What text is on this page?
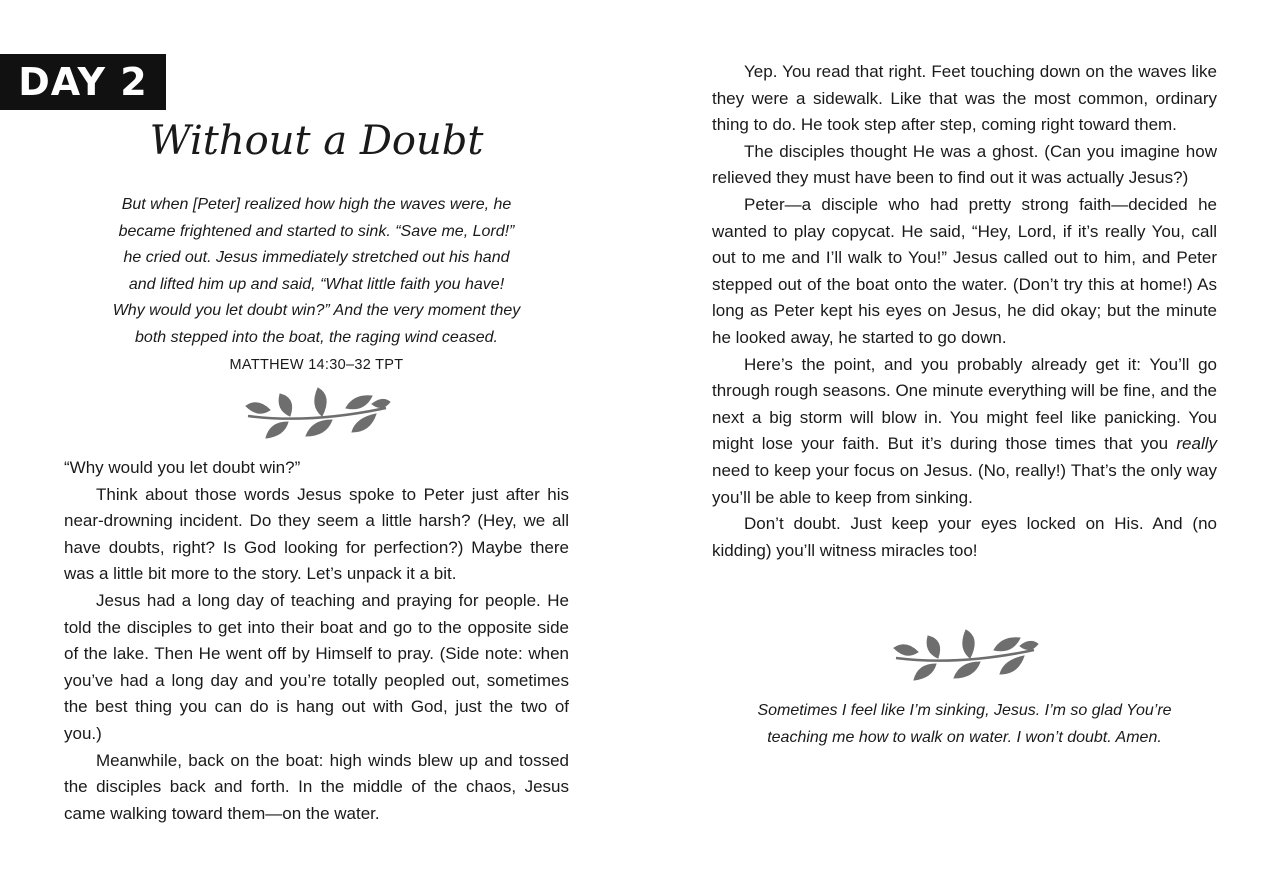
DAY 2
Without a Doubt
But when [Peter] realized how high the waves were, he
became frightened and started to sink. “Save me, Lord!”
he cried out. Jesus immediately stretched out his hand
and lifted him up and said, “What little faith you have!
Why would you let doubt win?” And the very moment they
both stepped into the boat, the raging wind ceased.
MATTHEW 14:30–32 TPT

“Why would you let doubt win?”

Think about those words Jesus spoke to Peter just after his near-drowning incident. Do they seem a little harsh? (Hey, we all have doubts, right? Is God looking for perfection?) Maybe there was a little bit more to the story. Let’s unpack it a bit.

Jesus had a long day of teaching and praying for people. He told the disciples to get into their boat and go to the opposite side of the lake. Then He went off by Himself to pray. (Side note: when you’ve had a long day and you’re totally peopled out, sometimes the best thing you can do is hang out with God, just the two of you.)

Meanwhile, back on the boat: high winds blew up and tossed the disciples back and forth. In the middle of the chaos, Jesus came walking toward them—on the water.

Yep. You read that right. Feet touching down on the waves like they were a sidewalk. Like that was the most common, ordinary thing to do. He took step after step, coming right toward them.

The disciples thought He was a ghost. (Can you imagine how relieved they must have been to find out it was actually Jesus?)

Peter—a disciple who had pretty strong faith—decided he wanted to play copycat. He said, “Hey, Lord, if it’s really You, call out to me and I’ll walk to You!” Jesus called out to him, and Peter stepped out of the boat onto the water. (Don’t try this at home!) As long as Peter kept his eyes on Jesus, he did okay; but the minute he looked away, he started to go down.

Here’s the point, and you probably already get it: You’ll go through rough seasons. One minute everything will be fine, and the next a big storm will blow in. You might feel like panicking. You might lose your faith. But it’s during those times that you really need to keep your focus on Jesus. (No, really!) That’s the only way you’ll be able to keep from sinking.

Don’t doubt. Just keep your eyes locked on His. And (no kidding) you’ll witness miracles too!

Sometimes I feel like I’m sinking, Jesus. I’m so glad You’re
teaching me how to walk on water. I won’t doubt. Amen.
